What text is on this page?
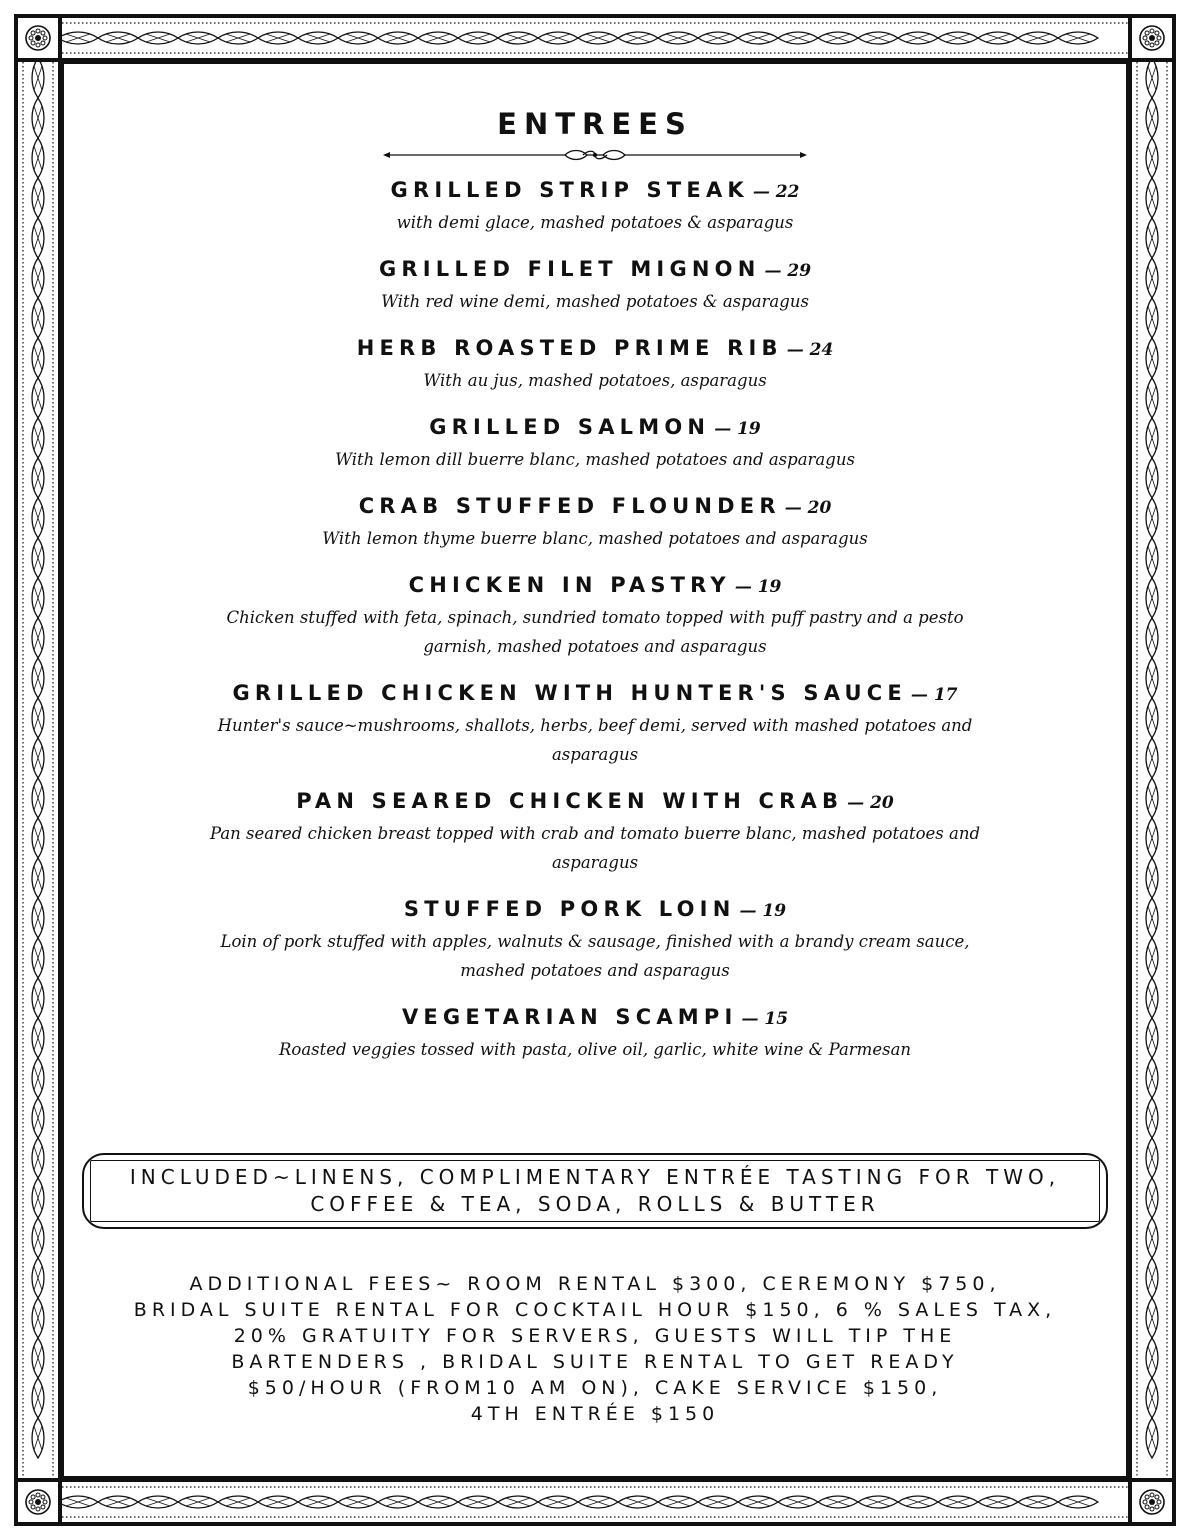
ENTREES
GRILLED STRIP STEAK — 22
with demi glace, mashed potatoes & asparagus
GRILLED FILET MIGNON — 29
With red wine demi, mashed potatoes & asparagus
HERB ROASTED PRIME RIB — 24
With au jus, mashed potatoes, asparagus
GRILLED SALMON — 19
With lemon dill buerre blanc, mashed potatoes and asparagus
CRAB STUFFED FLOUNDER — 20
With lemon thyme buerre blanc, mashed potatoes and asparagus
CHICKEN IN PASTRY — 19
Chicken stuffed with feta, spinach, sundried tomato topped with puff pastry and a pesto
garnish, mashed potatoes and asparagus
GRILLED CHICKEN WITH HUNTER'S SAUCE — 17
Hunter's sauce~mushrooms, shallots, herbs, beef demi, served with mashed potatoes and
asparagus
PAN SEARED CHICKEN WITH CRAB — 20
Pan seared chicken breast topped with crab and tomato buerre blanc, mashed potatoes and
asparagus
STUFFED PORK LOIN — 19
Loin of pork stuffed with apples, walnuts & sausage, finished with a brandy cream sauce,
mashed potatoes and asparagus
VEGETARIAN SCAMPI — 15
Roasted veggies tossed with pasta, olive oil, garlic, white wine & Parmesan
INCLUDED~LINENS, COMPLIMENTARY ENTRÉE TASTING FOR TWO,
COFFEE & TEA, SODA, ROLLS & BUTTER
ADDITIONAL FEES~ ROOM RENTAL $300, CEREMONY $750,
BRIDAL SUITE RENTAL FOR COCKTAIL HOUR $150, 6 % SALES TAX,
20% GRATUITY FOR SERVERS, GUESTS WILL TIP THE
BARTENDERS , BRIDAL SUITE RENTAL TO GET READY
$50/HOUR (FROM10 AM ON), CAKE SERVICE $150,
4TH ENTRÉE $150
